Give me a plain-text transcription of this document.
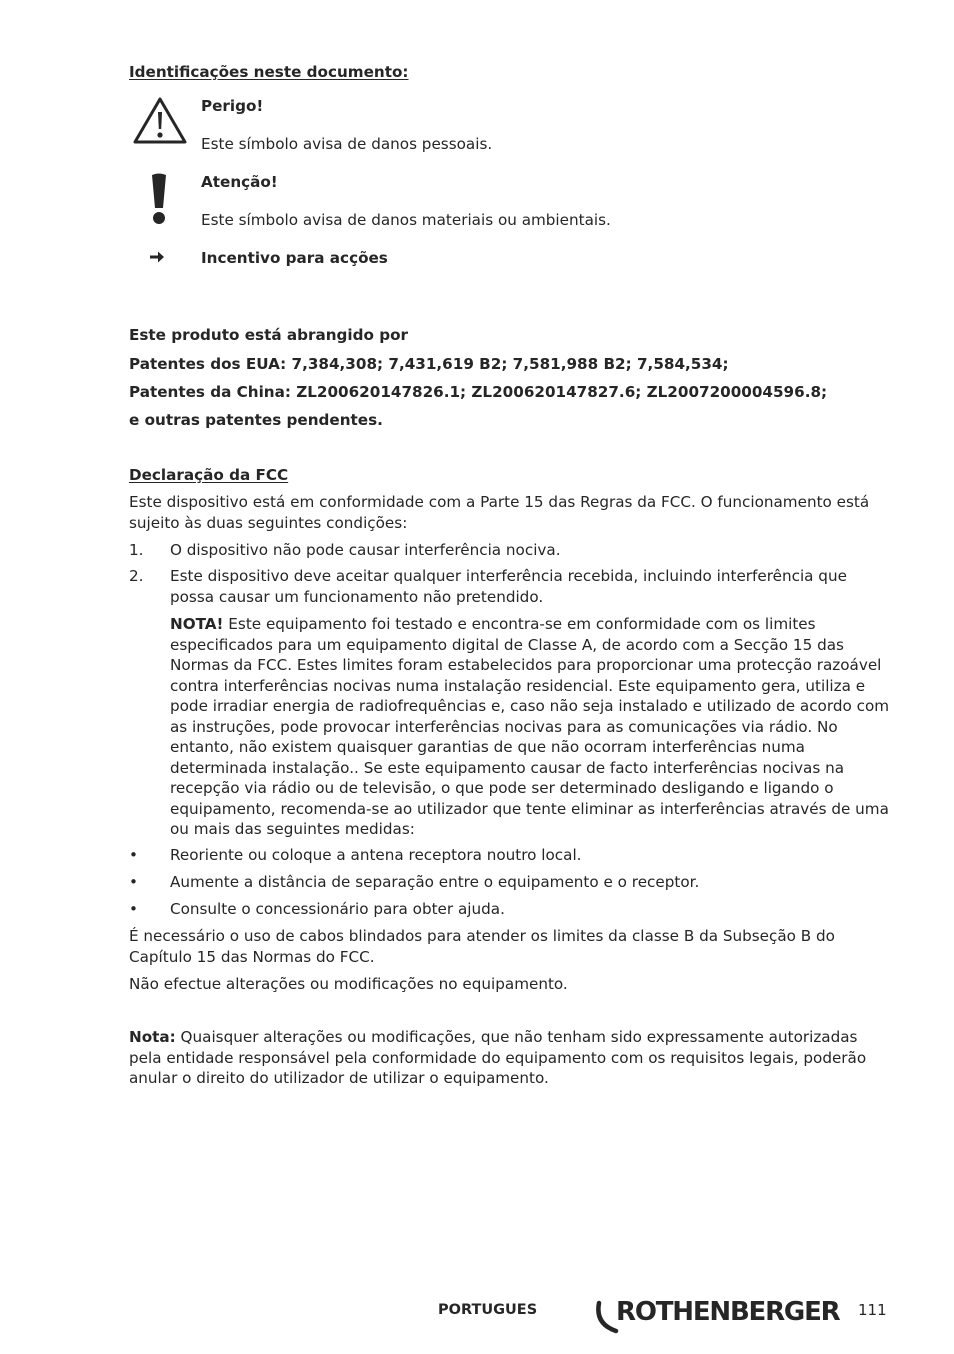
Identificações neste documento:
Perigo!
Este símbolo avisa de danos pessoais.
Atenção!
Este símbolo avisa de danos materiais ou ambientais.
Incentivo para acções
Este produto está abrangido por
Patentes dos EUA: 7,384,308; 7,431,619 B2; 7,581,988 B2; 7,584,534;
Patentes da China: ZL200620147826.1; ZL200620147827.6; ZL2007200004596.8;
e outras patentes pendentes.
Declaração da FCC
Este dispositivo está em conformidade com a Parte 15 das Regras da FCC. O funcionamento está sujeito às duas seguintes condições:
1. O dispositivo não pode causar interferência nociva.
2. Este dispositivo deve aceitar qualquer interferência recebida, incluindo interferência que possa causar um funcionamento não pretendido.
NOTA! Este equipamento foi testado e encontra-se em conformidade com os limites especificados para um equipamento digital de Classe A, de acordo com a Secção 15 das Normas da FCC. Estes limites foram estabelecidos para proporcionar uma protecção razoável contra interferências nocivas numa instalação residencial. Este equipamento gera, utiliza e pode irradiar energia de radiofrequências e, caso não seja instalado e utilizado de acordo com as instruções, pode provocar interferências nocivas para as comunicações via rádio. No entanto, não existem quaisquer garantias de que não ocorram interferências numa determinada instalação.. Se este equipamento causar de facto interferências nocivas na recepção via rádio ou de televisão, o que pode ser determinado desligando e ligando o equipamento, recomenda-se ao utilizador que tente eliminar as interferências através de uma ou mais das seguintes medidas:
• Reoriente ou coloque a antena receptora noutro local.
• Aumente a distância de separação entre o equipamento e o receptor.
• Consulte o concessionário para obter ajuda.
É necessário o uso de cabos blindados para atender os limites da classe B da Subseção B do Capítulo 15 das Normas do FCC.
Não efectue alterações ou modificações no equipamento.
Nota: Quaisquer alterações ou modificações, que não tenham sido expressamente autorizadas pela entidade responsável pela conformidade do equipamento com os requisitos legais, poderão anular o direito do utilizador de utilizar o equipamento.
PORTUGUES	ROTHENBERGER 111
